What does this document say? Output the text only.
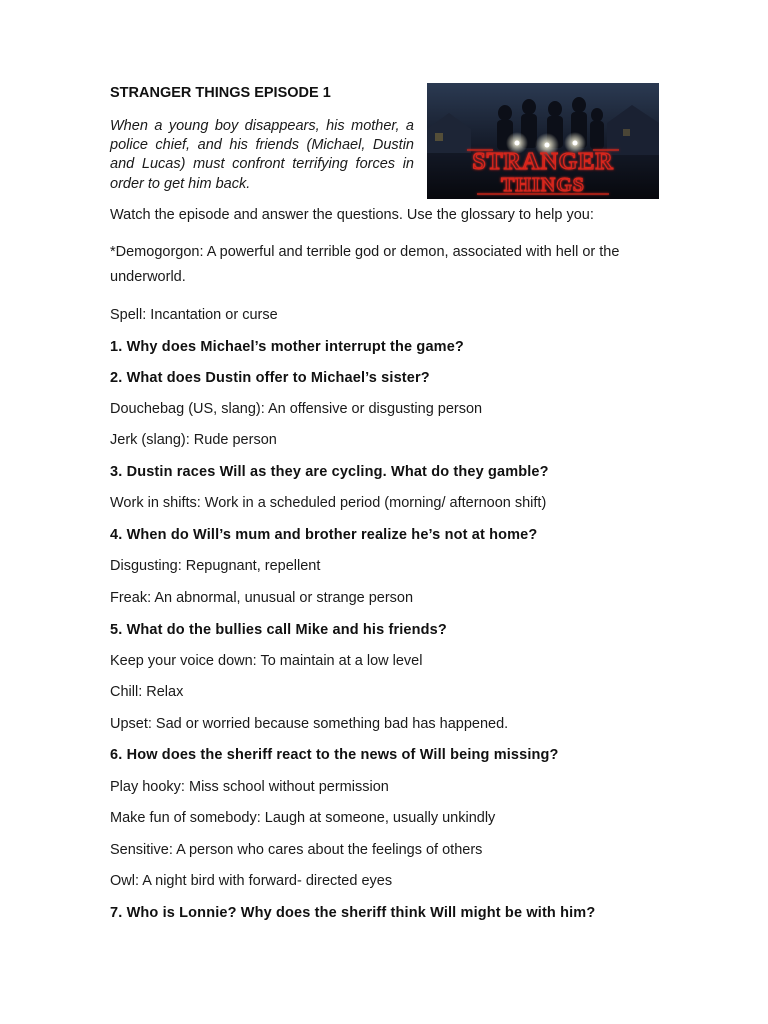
STRANGER THINGS EPISODE 1
When a young boy disappears, his mother, a police chief, and his friends (Michael, Dustin and Lucas) must confront terrifying forces in order to get him back.
STRANGER
THINGS
Watch the episode and answer the questions. Use the glossary to help you:
*Demogorgon: A powerful and terrible god or demon, associated with hell or the underworld.
Spell: Incantation or curse
1. Why does Michael’s mother interrupt the game?
2. What does Dustin offer to Michael’s sister?
Douchebag (US, slang): An offensive or disgusting person
Jerk (slang): Rude person
3. Dustin races Will as they are cycling. What do they gamble?
Work in shifts: Work in a scheduled period (morning/ afternoon shift)
4. When do Will’s mum and brother realize he’s not at home?
Disgusting: Repugnant, repellent
Freak: An abnormal, unusual or strange person
5. What do the bullies call Mike and his friends?
Keep your voice down: To maintain at a low level
Chill: Relax
Upset: Sad or worried because something bad has happened.
6. How does the sheriff react to the news of Will being missing?
Play hooky: Miss school without permission
Make fun of somebody: Laugh at someone, usually unkindly
Sensitive: A person who cares about the feelings of others
Owl: A night bird with forward- directed eyes
7. Who is Lonnie? Why does the sheriff think Will might be with him?
